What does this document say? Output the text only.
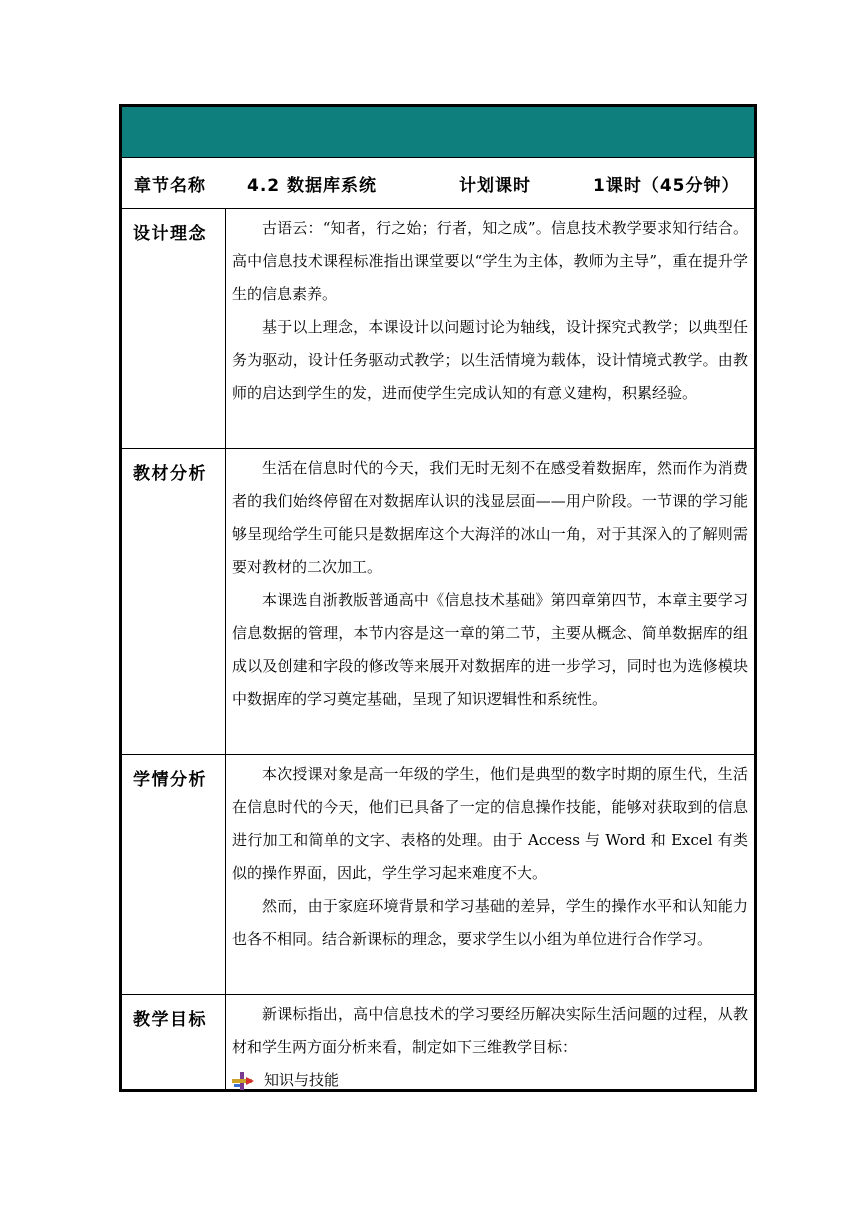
章节名称 4.2 数据库系统	计划课时	1课时（45分钟）
设计理念	古语云：“知者，行之始；行者，知之成”。信息技术教学要求知行结合。高中信息技术课程标准指出课堂要以“学生为主体，教师为主导”，重在提升学生的信息素养。

基于以上理念，本课设计以问题讨论为轴线，设计探究式教学；以典型任务为驱动，设计任务驱动式教学；以生活情境为载体，设计情境式教学。由教师的启达到学生的发，进而使学生完成认知的有意义建构，积累经验。

教材分析	生活在信息时代的今天，我们无时无刻不在感受着数据库，然而作为消费者的我们始终停留在对数据库认识的浅显层面——用户阶段。一节课的学习能够呈现给学生可能只是数据库这个大海洋的冰山一角，对于其深入的了解则需要对教材的二次加工。

本课选自浙教版普通高中《信息技术基础》第四章第四节，本章主要学习信息数据的管理，本节内容是这一章的第二节，主要从概念、简单数据库的组成以及创建和字段的修改等来展开对数据库的进一步学习，同时也为选修模块中数据库的学习奠定基础，呈现了知识逻辑性和系统性。

学情分析	本次授课对象是高一年级的学生，他们是典型的数字时期的原生代，生活在信息时代的今天，他们已具备了一定的信息操作技能，能够对获取到的信息进行加工和简单的文字、表格的处理。由于 Access 与 Word 和 Excel 有类似的操作界面，因此，学生学习起来难度不大。

然而，由于家庭环境背景和学习基础的差异，学生的操作水平和认知能力也各不相同。结合新课标的理念，要求学生以小组为单位进行合作学习。

教学目标	新课标指出，高中信息技术的学习要经历解决实际生活问题的过程，从教材和学生两方面分析来看，制定如下三维教学目标：

知识与技能
